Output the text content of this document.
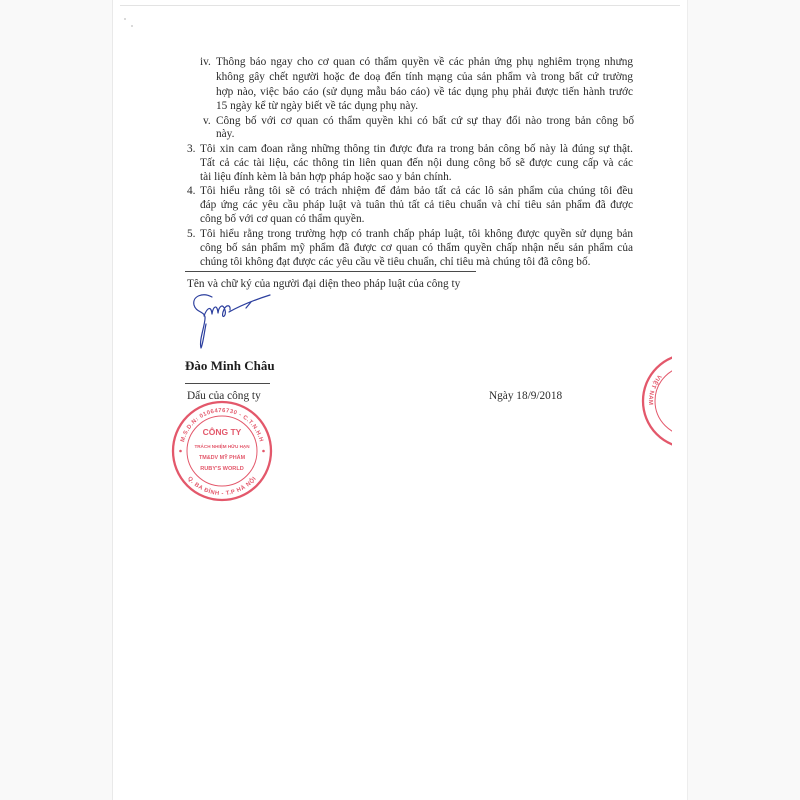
iv. Thông báo ngay cho cơ quan có thẩm quyền về các phản ứng phụ nghiêm trọng nhưng
không gây chết người hoặc đe doạ đến tính mạng của sản phẩm và trong bất cứ trường
hợp nào, việc báo cáo (sử dụng mẫu báo cáo) về tác dụng phụ phải được tiến hành trước
15 ngày kể từ ngày biết về tác dụng phụ này.
v. Công bố với cơ quan có thẩm quyền khi có bất cứ sự thay đổi nào trong bản công bố
này.
3. Tôi xin cam đoan rằng những thông tin được đưa ra trong bản công bố này là đúng sự thật.
Tất cả các tài liệu, các thông tin liên quan đến nội dung công bố sẽ được cung cấp và các
tài liệu đính kèm là bản hợp pháp hoặc sao y bản chính.
4. Tôi hiểu rằng tôi sẽ có trách nhiệm để đảm bảo tất cả các lô sản phẩm của chúng tôi đều
đáp ứng các yêu cầu pháp luật và tuân thủ tất cả tiêu chuẩn và chỉ tiêu sản phẩm đã được
công bố với cơ quan có thẩm quyền.
5. Tôi hiểu rằng trong trường hợp có tranh chấp pháp luật, tôi không được quyền sử dụng bản
công bố sản phẩm mỹ phẩm đã được cơ quan có thẩm quyền chấp nhận nếu sản phẩm của
chúng tôi không đạt được các yêu cầu về tiêu chuẩn, chỉ tiêu mà chúng tôi đã công bố.
Tên và chữ ký của người đại diện theo pháp luật của công ty
Đào Minh Châu
Dấu của công ty	Ngày 18/9/2018
M.S.D.N: 0106476730 - C.T.N.H.H
Q. BA ĐÌNH - T.P HÀ NỘI
CÔNG TY
TRÁCH NHIỆM HỮU HẠN
TM&DV MỸ PHẨM
RUBY'S WORLD
VIỆT NAM
